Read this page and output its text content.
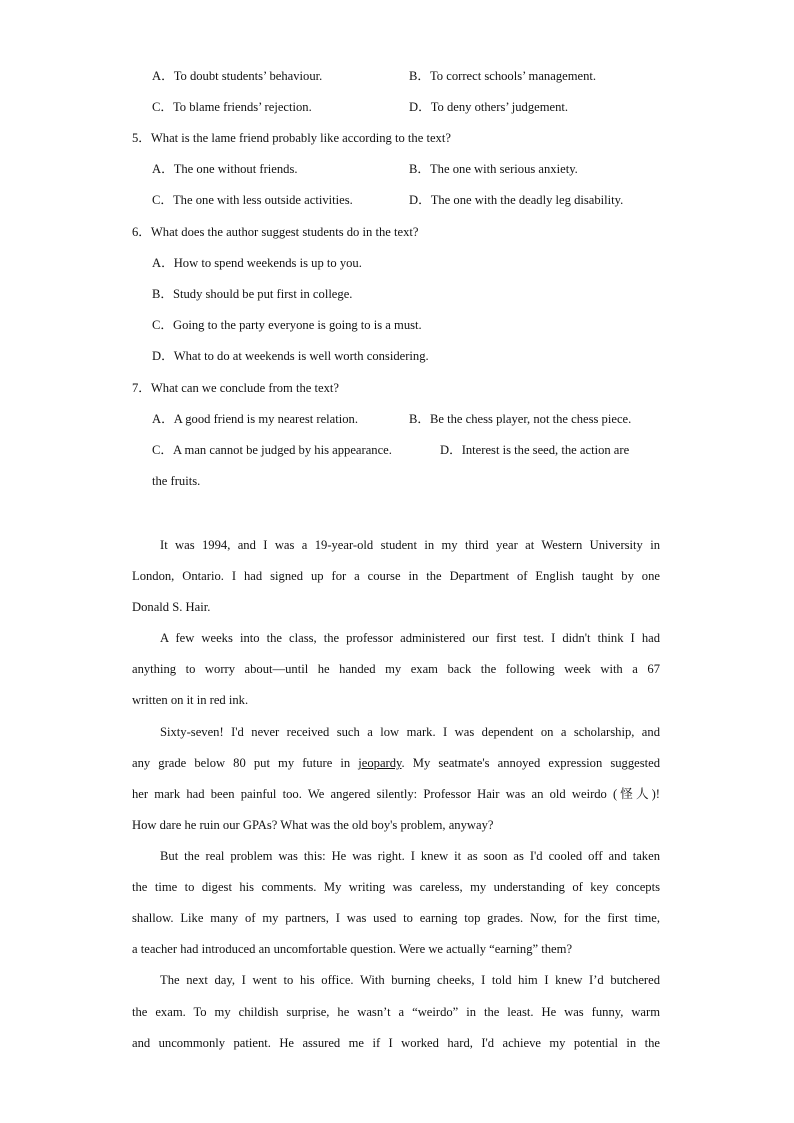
A．To doubt students’ behaviour.	B．To correct schools’ management.
C．To blame friends’ rejection.	D．To deny others’ judgement.
5．What is the lame friend probably like according to the text?
A．The one without friends.	B．The one with serious anxiety.
C．The one with less outside activities.	D．The one with the deadly leg disability.
6．What does the author suggest students do in the text?
A．How to spend weekends is up to you.
B．Study should be put first in college.
C．Going to the party everyone is going to is a must.
D．What to do at weekends is well worth considering.
7．What can we conclude from the text?
A．A good friend is my nearest relation.	B．Be the chess player, not the chess piece.
C．A man cannot be judged by his appearance.	D．Interest is the seed, the action are
the fruits.
It was 1994, and I was a 19-year-old student in my third year at Western University in
London, Ontario. I had signed up for a course in the Department of English taught by one
Donald S. Hair.
A few weeks into the class, the professor administered our first test. I didn't think I had
anything to worry about—until he handed my exam back the following week with a 67
written on it in red ink.
Sixty-seven! I'd never received such a low mark. I was dependent on a scholarship, and
any grade below 80 put my future in jeopardy. My seatmate's annoyed expression suggested
her mark had been painful too. We angered silently: Professor Hair was an old weirdo (怪人)!
How dare he ruin our GPAs? What was the old boy's problem, anyway?
But the real problem was this: He was right. I knew it as soon as I'd cooled off and taken
the time to digest his comments. My writing was careless, my understanding of key concepts
shallow. Like many of my partners, I was used to earning top grades. Now, for the first time,
a teacher had introduced an uncomfortable question. Were we actually “earning” them?
The next day, I went to his office. With burning cheeks, I told him I knew I’d butchered
the exam. To my childish surprise, he wasn’t a “weirdo” in the least. He was funny, warm
and uncommonly patient. He assured me if I worked hard, I'd achieve my potential in the
